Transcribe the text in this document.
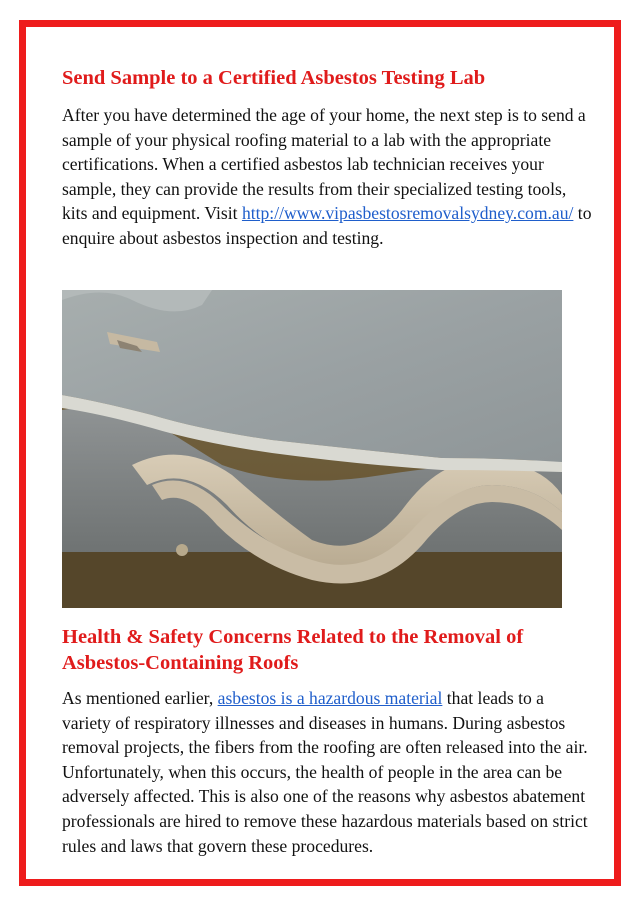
Send Sample to a Certified Asbestos Testing Lab

After you have determined the age of your home, the next step is to send a sample of your physical roofing material to a lab with the appropriate certifications. When a certified asbestos lab technician receives your sample, they can provide the results from their specialized testing tools, kits and equipment. Visit http://www.vipasbestosremovalsydney.com.au/ to enquire about asbestos inspection and testing.

Health & Safety Concerns Related to the Removal of Asbestos-Containing Roofs

As mentioned earlier, asbestos is a hazardous material that leads to a variety of respiratory illnesses and diseases in humans. During asbestos removal projects, the fibers from the roofing are often released into the air. Unfortunately, when this occurs, the health of people in the area can be adversely affected. This is also one of the reasons why asbestos abatement professionals are hired to remove these hazardous materials based on strict rules and laws that govern these procedures.
